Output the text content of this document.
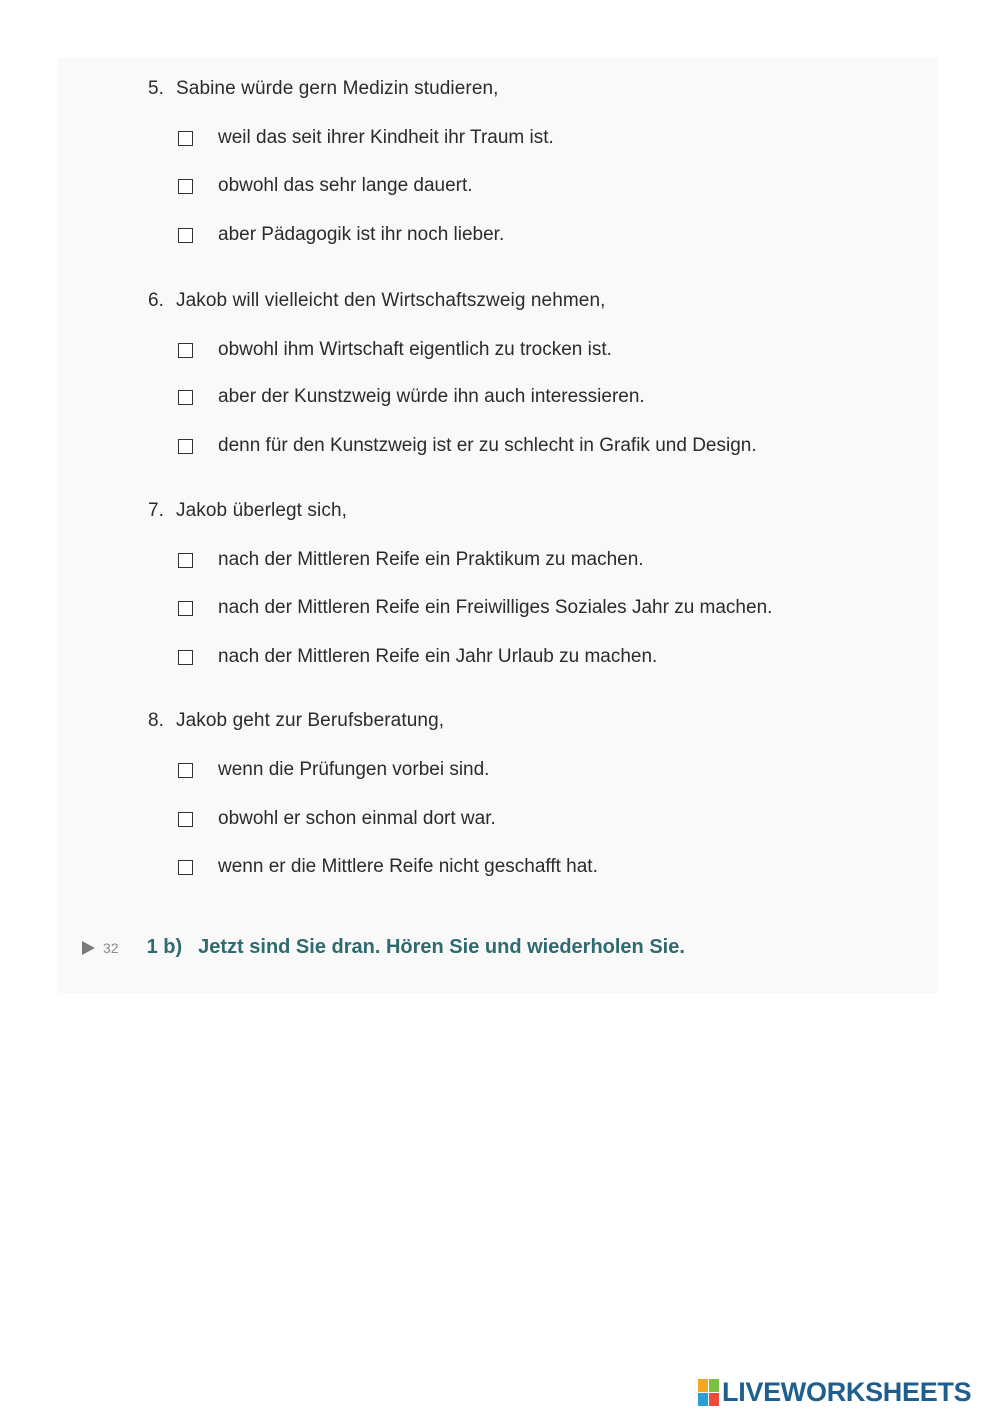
5. Sabine würde gern Medizin studieren,
weil das seit ihrer Kindheit ihr Traum ist.
obwohl das sehr lange dauert.
aber Pädagogik ist ihr noch lieber.
6. Jakob will vielleicht den Wirtschaftszweig nehmen,
obwohl ihm Wirtschaft eigentlich zu trocken ist.
aber der Kunstzweig würde ihn auch interessieren.
denn für den Kunstzweig ist er zu schlecht in Grafik und Design.
7. Jakob überlegt sich,
nach der Mittleren Reife ein Praktikum zu machen.
nach der Mittleren Reife ein Freiwilliges Soziales Jahr zu machen.
nach der Mittleren Reife ein Jahr Urlaub zu machen.
8. Jakob geht zur Berufsberatung,
wenn die Prüfungen vorbei sind.
obwohl er schon einmal dort war.
wenn er die Mittlere Reife nicht geschafft hat.
32 1 b) Jetzt sind Sie dran. Hören Sie und wiederholen Sie.
LIVEWORKSHEETS
